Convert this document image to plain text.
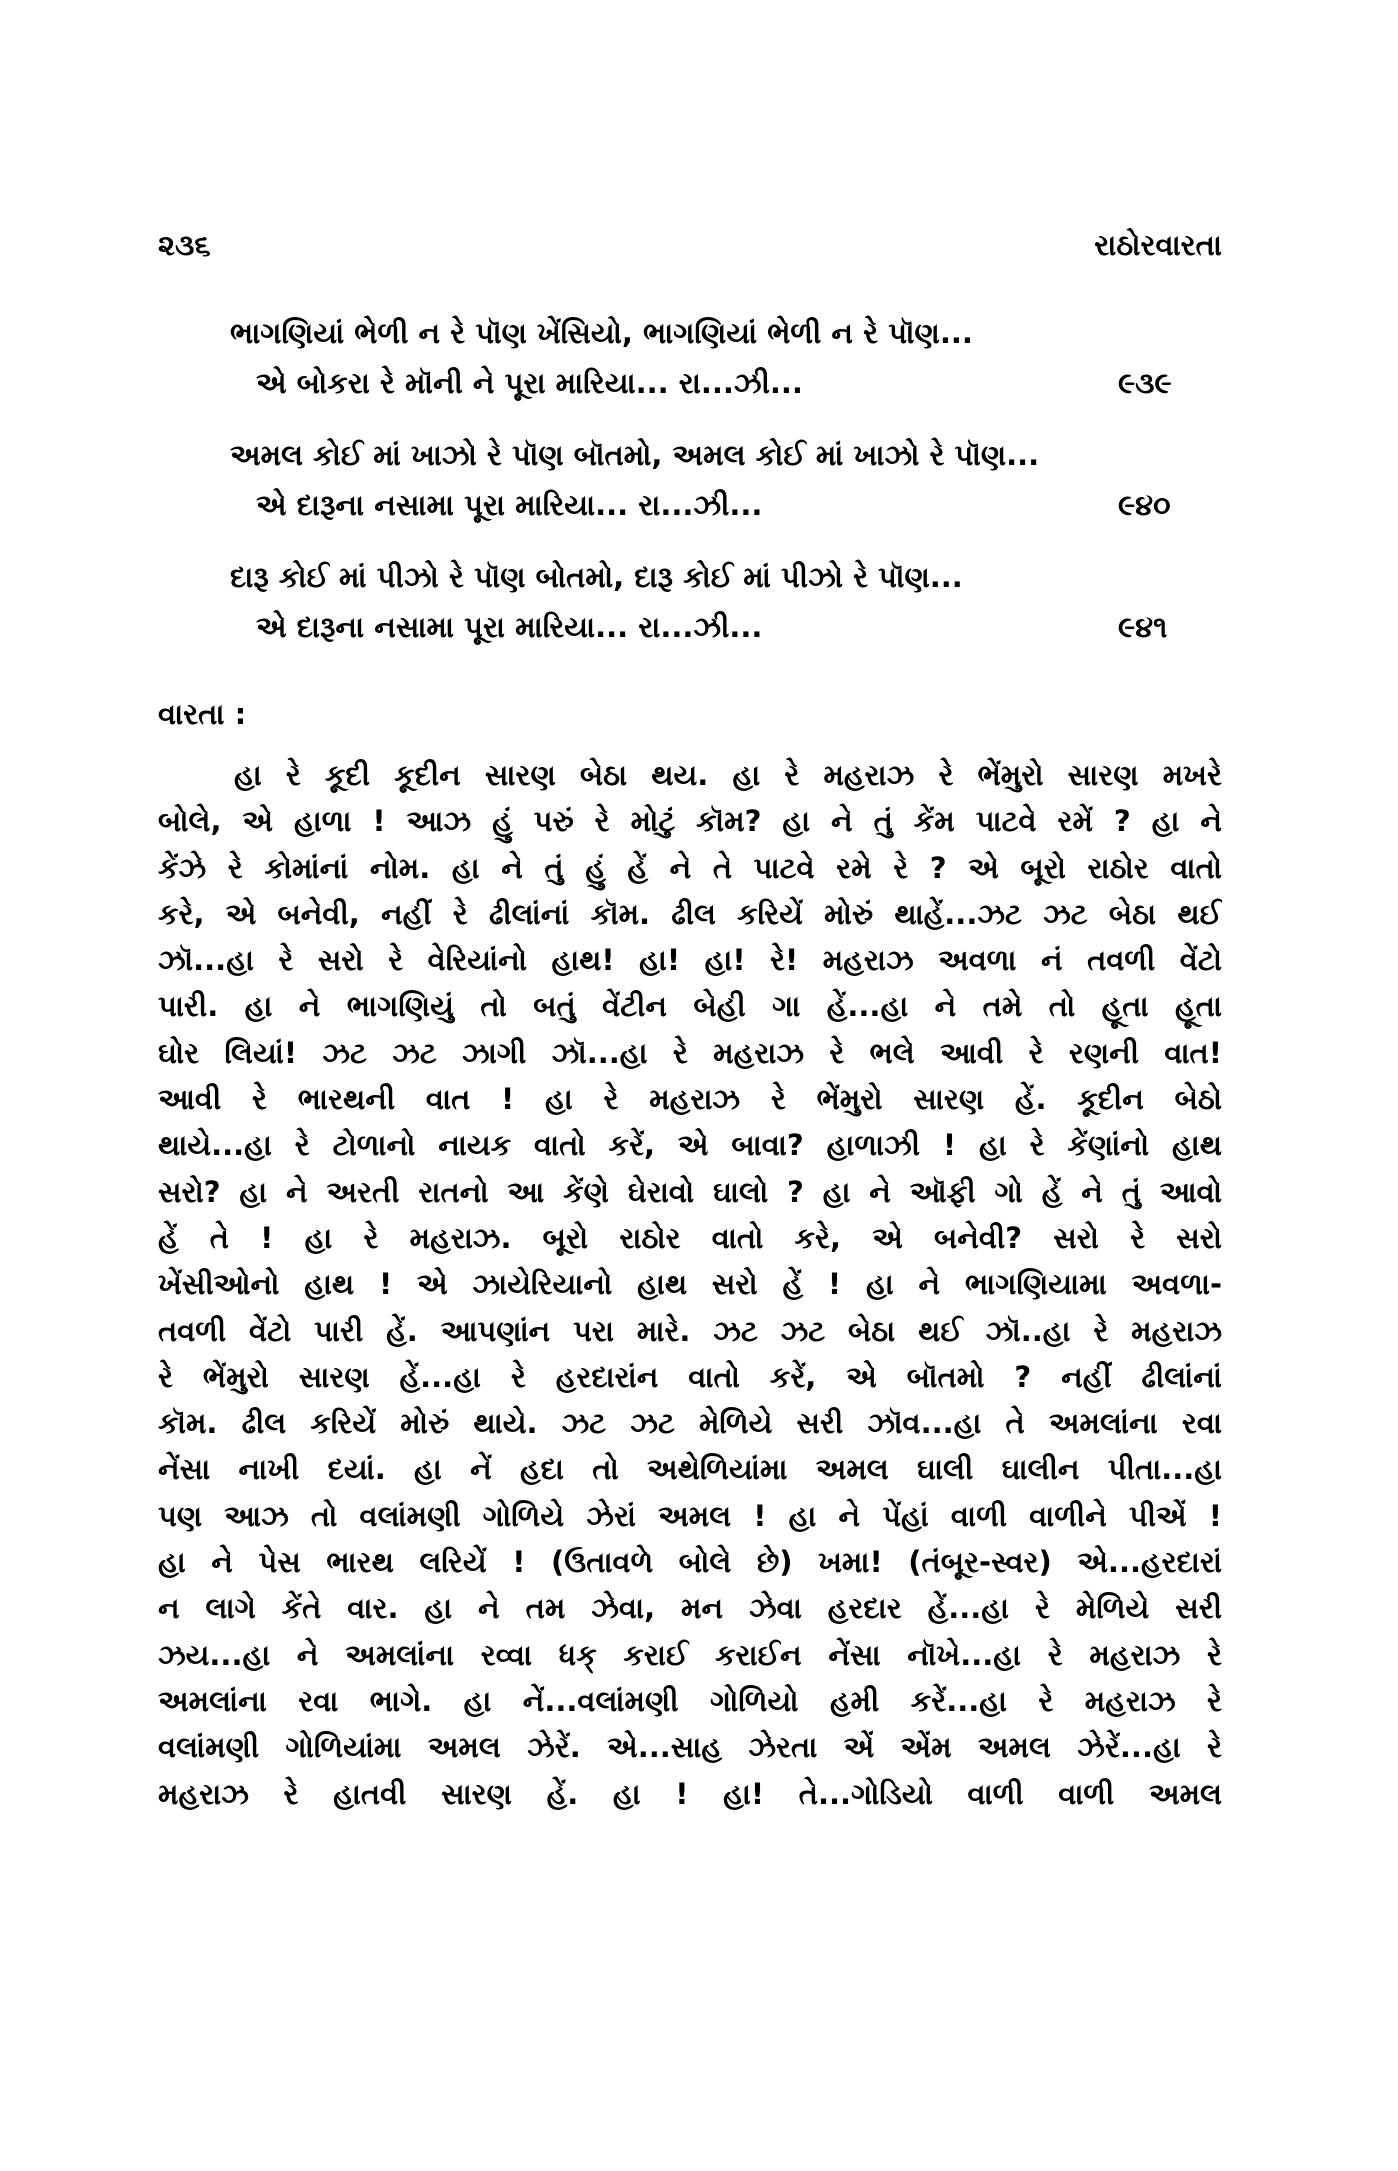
૨૩૬	રાઠોરવારતા
ભાગણિયાં ભેળી ન રે પૉણ ખેંસિયો, ભાગણિયાં ભેળી ન રે પૉણ...
એ બોકરા રે મૉની ને પૂરા મારિયા... રા...ઝી...	૯૩૯
અમલ કોઈ માં ખાઝો રે પૉણ બૉતમો, અમલ કોઈ માં ખાઝો રે પૉણ...
એ દારૂના નસામા પૂરા મારિયા... રા...ઝી...	૯૪૦
દારૂ કોઈ માં પીઝો રે પૉણ બોતમો, દારૂ કોઈ માં પીઝો રે પૉણ...
એ દારૂના નસામા પૂરા મારિયા... રા...ઝી...	૯૪૧
વારતા :
હા રે કૂદી કૂદીન સારણ બેઠા થય. હા રે મહરાઝ રે ભેંમુરો સારણ મખરે
બોલે, એ હાળા ! આઝ હું પરું રે મોટું કૉમ? હા ને તું કેંમ પાટવે રમેં ? હા ને
કેંઝે રે કોમાંનાં નોમ. હા ને તું હું હેં ને તે પાટવે રમે રે ? એ બૂરો રાઠોર વાતો
કરે, એ બનેવી, નહીં રે ઢીલાંનાં કૉમ. ઢીલ કરિયેં મોરું થાહેં...ઝટ ઝટ બેઠા થઈ
ઝૉ...હા રે સરો રે વેરિયાંનો હાથ! હા! હા! રે! મહરાઝ અવળા નં તવળી વેંટો
પારી. હા ને ભાગણિયું તો બતું વેંટીન બેહી ગા હેં...હા ને તમે તો હૂતા હૂતા
ઘોર લિયાં! ઝટ ઝટ ઝાગી ઝૉ...હા રે મહરાઝ રે ભલે આવી રે રણની વાત!
આવી રે ભારથની વાત ! હા રે મહરાઝ રે ભેંમુરો સારણ હેં. કૂદીન બેઠો
થાયે...હા રે ટોળાનો નાયક વાતો કરેં, એ બાવા? હાળાઝી ! હા રે કેંણાંનો હાથ
સરો? હા ને અરતી રાતનો આ કેંણે ઘેરાવો ઘાલો ? હા ને ઑફી ગો હેં ને તું આવો
હેં તે ! હા રે મહરાઝ. બૂરો રાઠોર વાતો કરે, એ બનેવી? સરો રે સરો
ખેંસીઓનો હાથ ! એ ઝાયેરિયાનો હાથ સરો હેં ! હા ને ભાગણિયામા અવળા-
તવળી વેંટો પારી હેં. આપણાંન પરા મારે. ઝટ ઝટ બેઠા થઈ ઝૉ..હા રે મહરાઝ
રે ભેંમુરો સારણ હેં...હા રે હરદારાંન વાતો કરેં, એ બૉતમો ? નહીં ઢીલાંનાં
કૉમ. ઢીલ કરિયેં મોરું થાયે. ઝટ ઝટ મેળિયે સરી ઝૉવ...હા તે અમલાંના રવા
નેંસા નાખી દયાં. હા નેં હદા તો અથેળિયાંમા અમલ ઘાલી ઘાલીન પીતા...હા
પણ આઝ તો વલાંમણી ગોળિયે ઝેરાં અમલ ! હા ને પેંહાં વાળી વાળીને પીએં !
હા ને પેસ ભારથ લરિયેં ! (ઉતાવળે બોલે છે) ખમા! (તંબૂર-સ્વર) એ...હરદારાં
ન લાગે કેંતે વાર. હા ને તમ ઝેવા, મન ઝેવા હરદાર હેં...હા રે મેળિયે સરી
ઝય...હા ને અમલાંના રવ્વા ધક્ કરાઈ કરાઈન નેંસા નૉખે...હા રે મહરાઝ રે
અમલાંના રવા ભાગે. હા નેં...વલાંમણી ગોળિયો હમી કરેં...હા રે મહરાઝ રે
વલાંમણી ગોળિયાંમા અમલ ઝેરેં. એ...સાહ ઝેરતા એં એંમ અમલ ઝેરેં...હા રે
મહરાઝ રે હાતવી સારણ હેં. હા ! હા! તે...ગોડિયો વાળી વાળી અમલ
